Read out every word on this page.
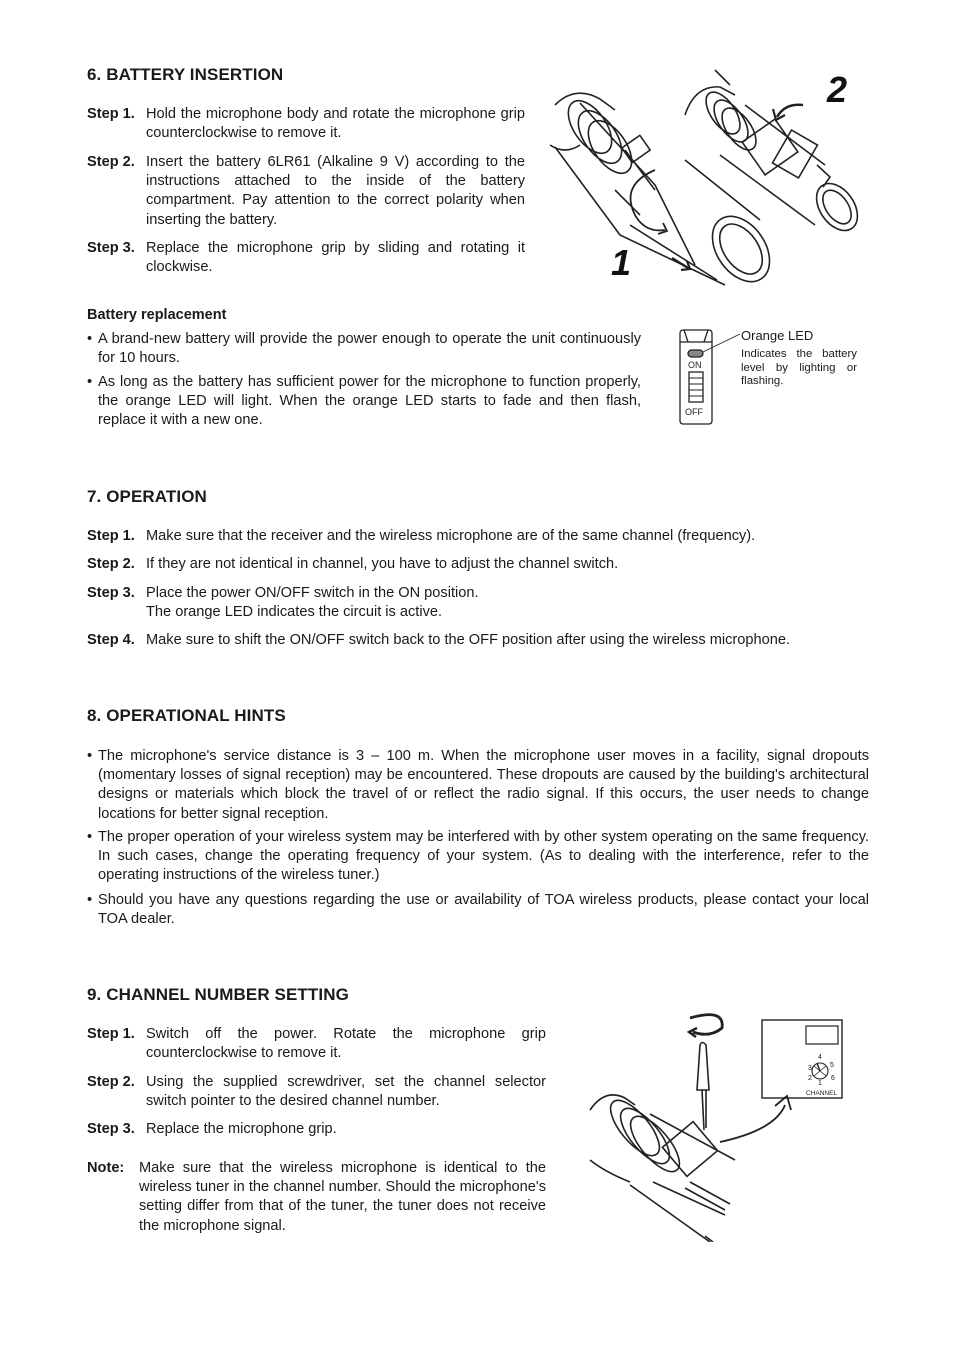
6. BATTERY INSERTION
Step 1. Hold the microphone body and rotate the microphone grip counterclockwise to remove it.
Step 2. Insert the battery 6LR61 (Alkaline 9 V) according to the instructions attached to the inside of the battery compartment. Pay attention to the correct polarity when inserting the battery.
Step 3. Replace the microphone grip by sliding and rotating it clockwise.
2
1
Battery replacement
• A brand-new battery will provide the power enough to operate the unit continuously for 10 hours.
• As long as the battery has sufficient power for the microphone to function properly, the orange LED will light. When the orange LED starts to fade and then flash, replace it with a new one.
ON
OFF
Orange LED
Indicates the battery level by lighting or flashing.
7. OPERATION
Step 1. Make sure that the receiver and the wireless microphone are of the same channel (frequency).
Step 2. If they are not identical in channel, you have to adjust the channel switch.
Step 3. Place the power ON/OFF switch in the ON position.
The orange LED indicates the circuit is active.
Step 4. Make sure to shift the ON/OFF switch back to the OFF position after using the wireless microphone.
8. OPERATIONAL HINTS
• The microphone's service distance is 3 – 100 m. When the microphone user moves in a facility, signal dropouts (momentary losses of signal reception) may be encountered. These dropouts are caused by the building's architectural designs or materials which block the travel of or reflect the radio signal. If this occurs, the user needs to change locations for better signal reception.
• The proper operation of your wireless system may be interfered with by other system operating on the same frequency. In such cases, change the operating frequency of your system. (As to dealing with the interference, refer to the operating instructions of the wireless tuner.)
• Should you have any questions regarding the use or availability of TOA wireless products, please contact your local TOA dealer.
9. CHANNEL NUMBER SETTING
Step 1. Switch off the power. Rotate the microphone grip counterclockwise to remove it.
Step 2. Using the supplied screwdriver, set the channel selector switch pointer to the desired channel number.
Step 3. Replace the microphone grip.
Note:	Make sure that the wireless microphone is identical to the wireless tuner in the channel number. Should the microphone's setting differ from that of the tuner, the tuner does not receive the microphone signal.
3
4
5
6
2
1
CHANNEL
